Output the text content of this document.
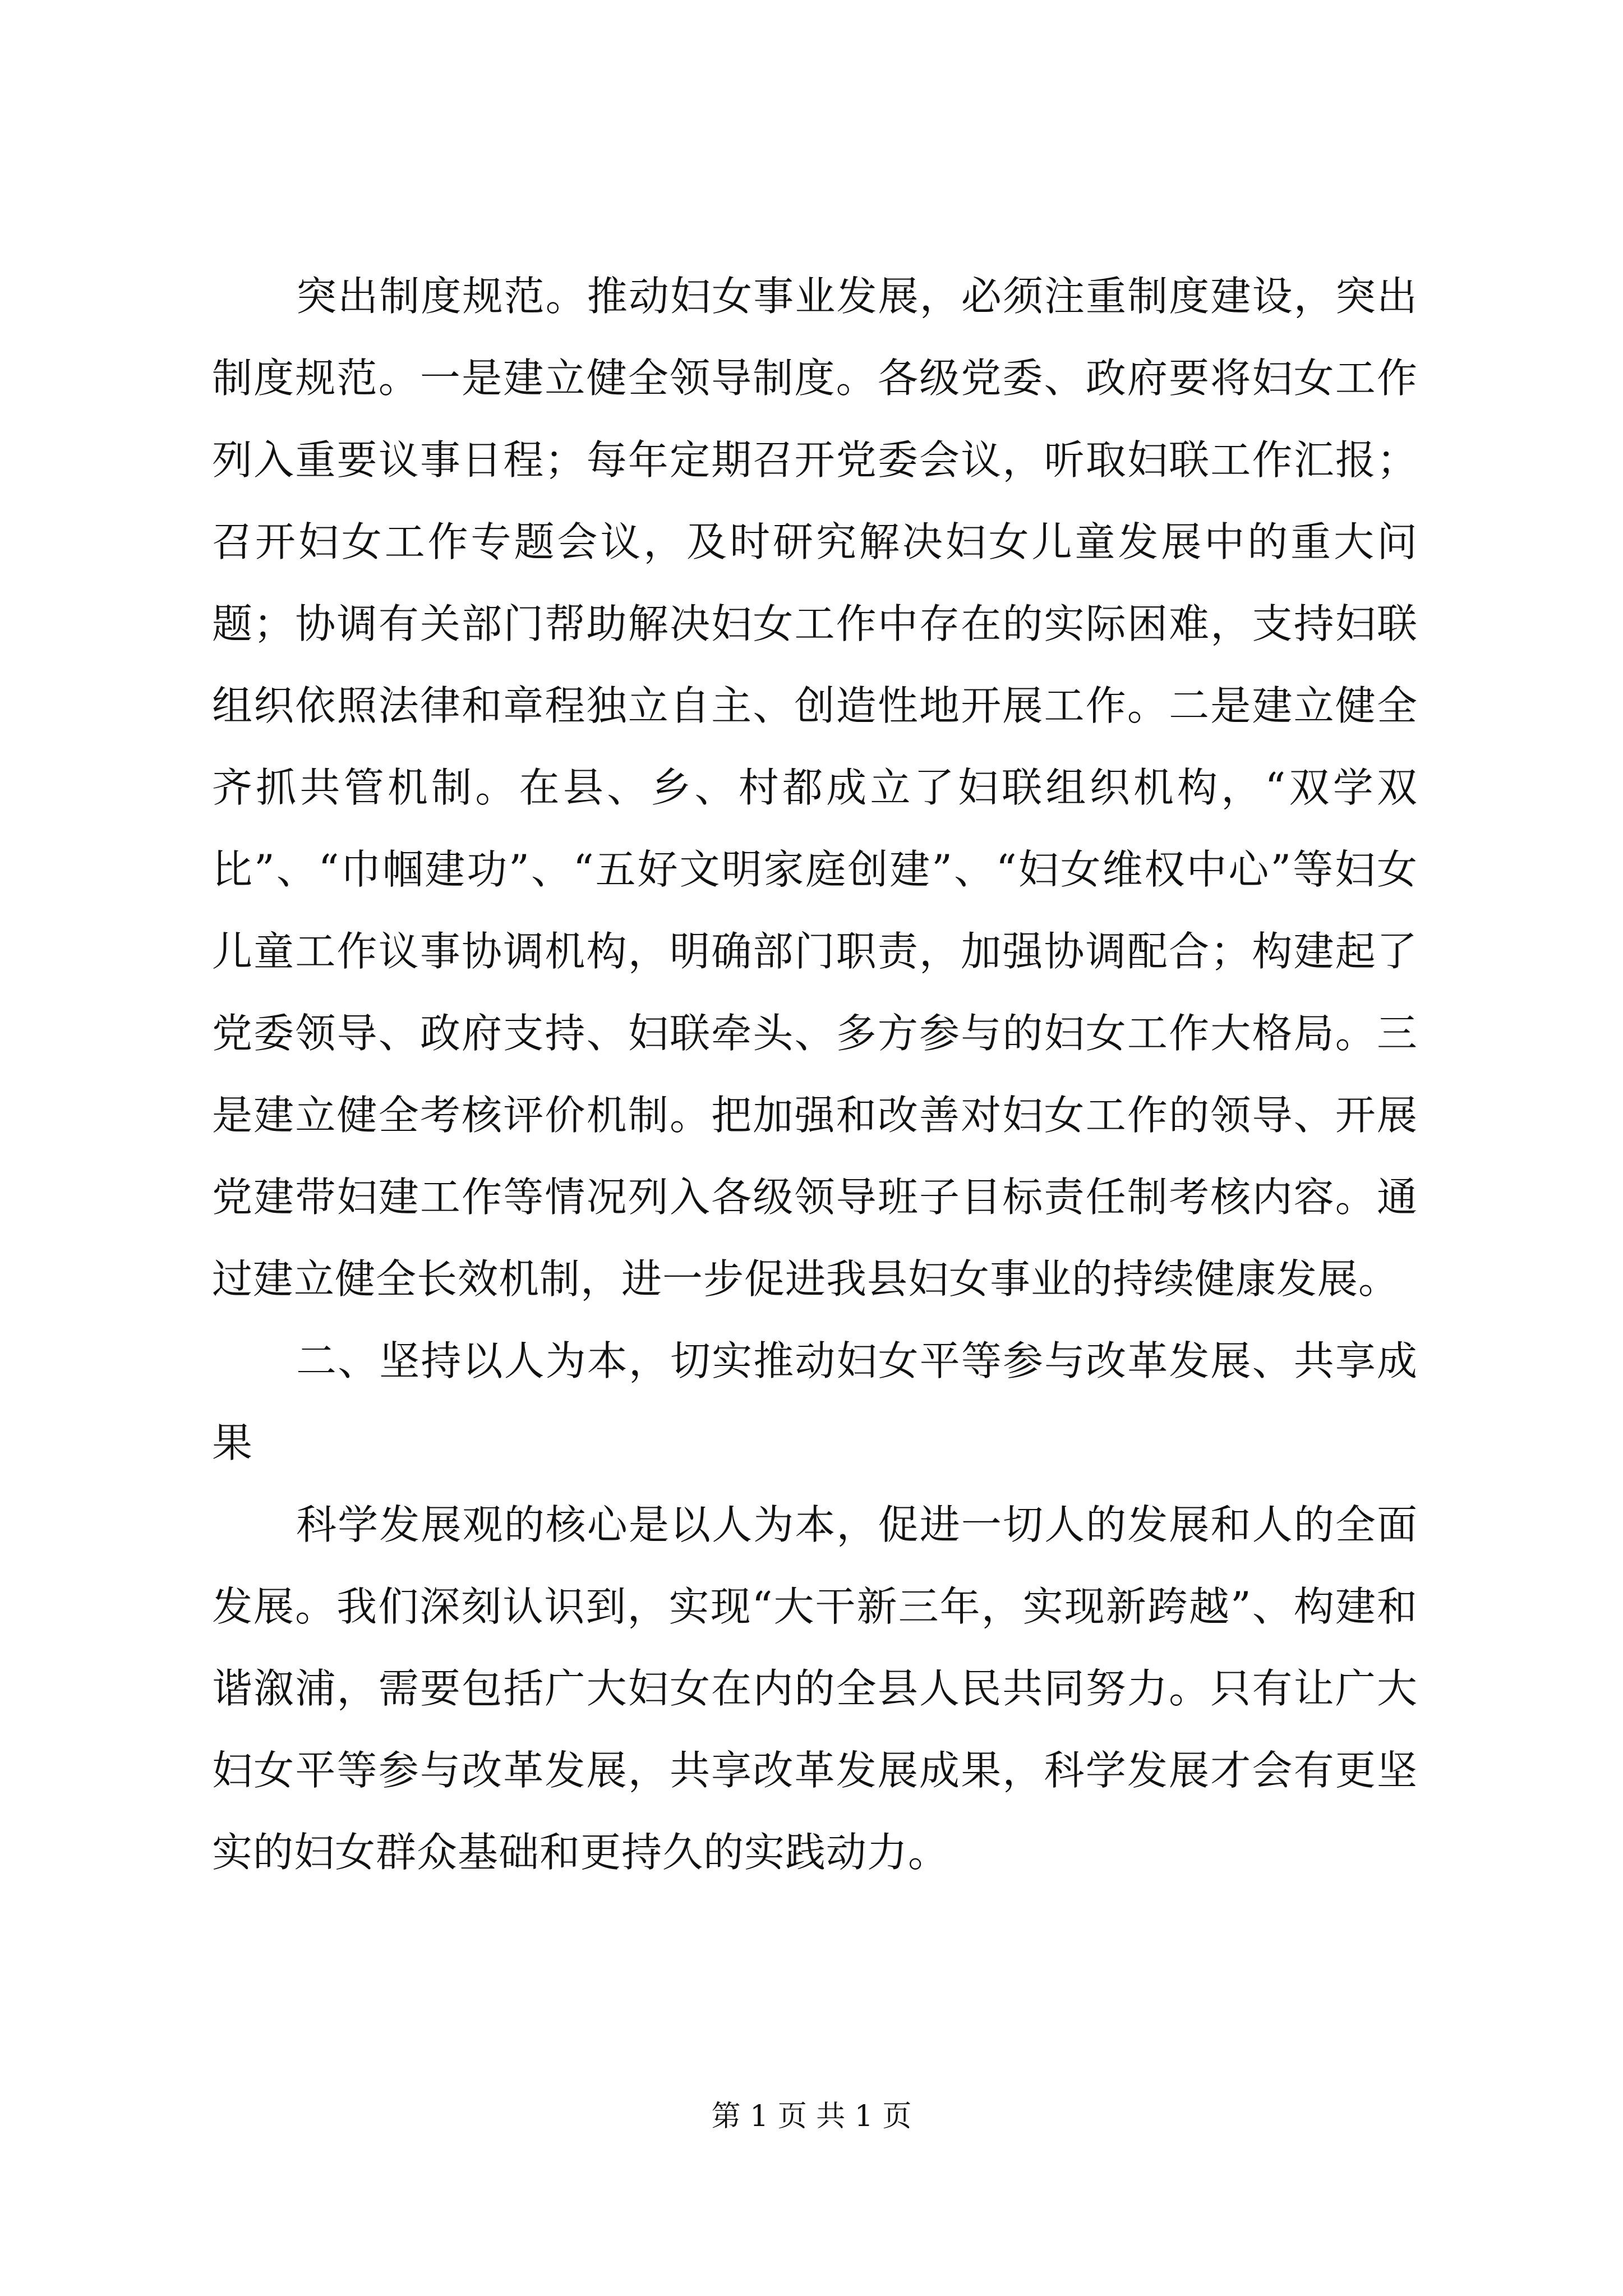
突出制度规范。推动妇女事业发展，必须注重制度建设，突出制度规范。一是建立健全领导制度。各级党委、政府要将妇女工作列入重要议事日程；每年定期召开党委会议，听取妇联工作汇报；召开妇女工作专题会议，及时研究解决妇女儿童发展中的重大问题；协调有关部门帮助解决妇女工作中存在的实际困难，支持妇联组织依照法律和章程独立自主、创造性地开展工作。二是建立健全齐抓共管机制。在县、乡、村都成立了妇联组织机构，“双学双比”、“巾帼建功”、“五好文明家庭创建”、“妇女维权中心”等妇女儿童工作议事协调机构，明确部门职责，加强协调配合；构建起了党委领导、政府支持、妇联牵头、多方参与的妇女工作大格局。三是建立健全考核评价机制。把加强和改善对妇女工作的领导、开展党建带妇建工作等情况列入各级领导班子目标责任制考核内容。通过建立健全长效机制，进一步促进我县妇女事业的持续健康发展。

二、坚持以人为本，切实推动妇女平等参与改革发展、共享成果

科学发展观的核心是以人为本，促进一切人的发展和人的全面发展。我们深刻认识到，实现“大干新三年，实现新跨越”、构建和谐溆浦，需要包括广大妇女在内的全县人民共同努力。只有让广大妇女平等参与改革发展，共享改革发展成果，科学发展才会有更坚实的妇女群众基础和更持久的实践动力。

第 1 页 共 1 页
